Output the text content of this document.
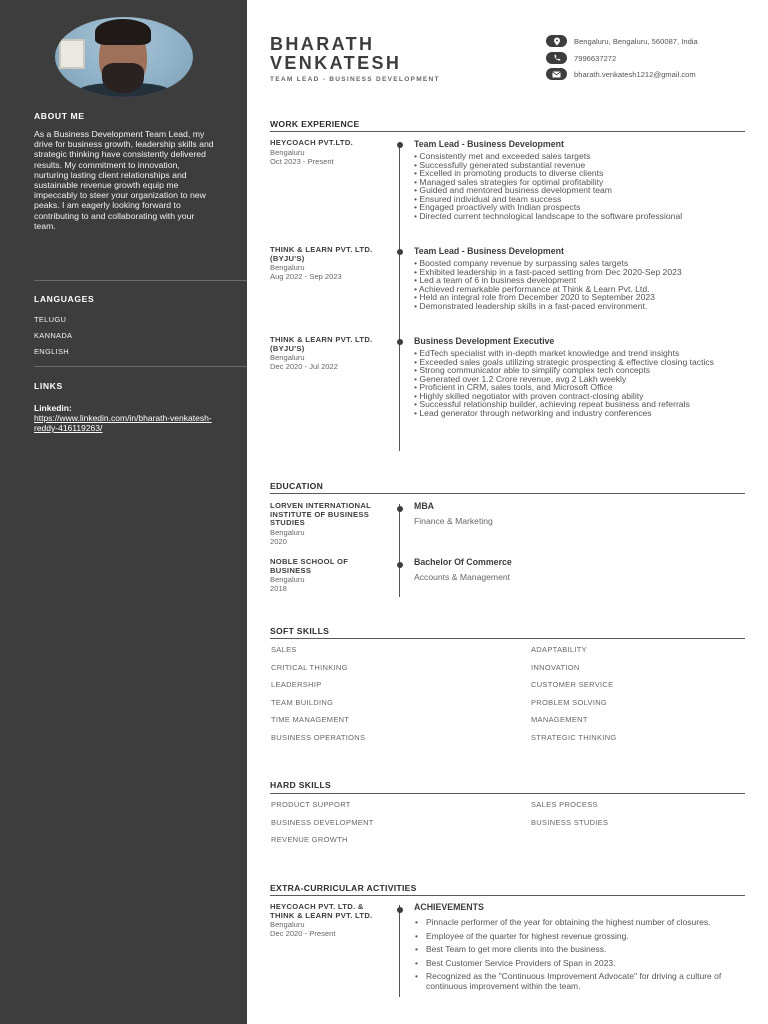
ABOUT ME
As a Business Development Team Lead, my drive for business growth, leadership skills and strategic thinking have consistently delivered results. My commitment to innovation, nurturing lasting client relationships and sustainable revenue growth equip me impeccably to steer your organization to new peaks. I am eagerly looking forward to contributing to and collaborating with your team.
LANGUAGES
TELUGU
KANNADA
ENGLISH
LINKS
Linkedin:
https://www.linkedin.com/in/bharath-venkatesh-reddy-416119263/
BHARATH
VENKATESH
TEAM LEAD - BUSINESS DEVELOPMENT
Bengaluru, Bengaluru, 560087, India
7996637272
bharath.venkatesh1212@gmail.com
WORK EXPERIENCE
HEYCOACH PVT.LTD.
Bengaluru
Oct 2023 - Present
Team Lead - Business Development
• Consistently met and exceeded sales targets
• Successfully generated substantial revenue
• Excelled in promoting products to diverse clients
• Managed sales strategies for optimal profitability
• Guided and mentored business development team
• Ensured individual and team success
• Engaged proactively with Indian prospects
• Directed current technological landscape to the software professional
THINK & LEARN PVT. LTD. (BYJU'S)
Bengaluru
Aug 2022 - Sep 2023
Team Lead - Business Development
• Boosted company revenue by surpassing sales targets
• Exhibited leadership in a fast-paced setting from Dec 2020-Sep 2023
• Led a team of 6 in business development
• Achieved remarkable performance at Think & Learn Pvt. Ltd.
• Held an integral role from December 2020 to September 2023
• Demonstrated leadership skills in a fast-paced environment.
THINK & LEARN PVT. LTD. (BYJU'S)
Bengaluru
Dec 2020 - Jul 2022
Business Development Executive
• EdTech specialist with in-depth market knowledge and trend insights
• Exceeded sales goals utilizing strategic prospecting & effective closing tactics
• Strong communicator able to simplify complex tech concepts
• Generated over 1.2 Crore revenue, avg 2 Lakh weekly
• Proficient in CRM, sales tools, and Microsoft Office
• Highly skilled negotiator with proven contract-closing ability
• Successful relationship builder, achieving repeat business and referrals
• Lead generator through networking and industry conferences
EDUCATION
LORVEN INTERNATIONAL INSTITUTE OF BUSINESS STUDIES
Bengaluru
2020
MBA
Finance & Marketing
NOBLE SCHOOL OF BUSINESS
Bengaluru
2018
Bachelor Of Commerce
Accounts & Management
SOFT SKILLS
SALES	ADAPTABILITY
CRITICAL THINKING	INNOVATION
LEADERSHIP	CUSTOMER SERVICE
TEAM BUILDING	PROBLEM SOLVING
TIME MANAGEMENT	MANAGEMENT
BUSINESS OPERATIONS	STRATEGIC THINKING
HARD SKILLS
PRODUCT SUPPORT	SALES PROCESS
BUSINESS DEVELOPMENT	BUSINESS STUDIES
REVENUE GROWTH
EXTRA-CURRICULAR ACTIVITIES
HEYCOACH PVT. LTD. & THINK & LEARN PVT. LTD.
Bengaluru
Dec 2020 - Present
ACHIEVEMENTS
• Pinnacle performer of the year for obtaining the highest number of closures.
• Employee of the quarter for highest revenue grossing.
• Best Team to get more clients into the business.
• Best Customer Service Providers of Span in 2023.
• Recognized as the "Continuous Improvement Advocate" for driving a culture of continuous improvement within the team.
